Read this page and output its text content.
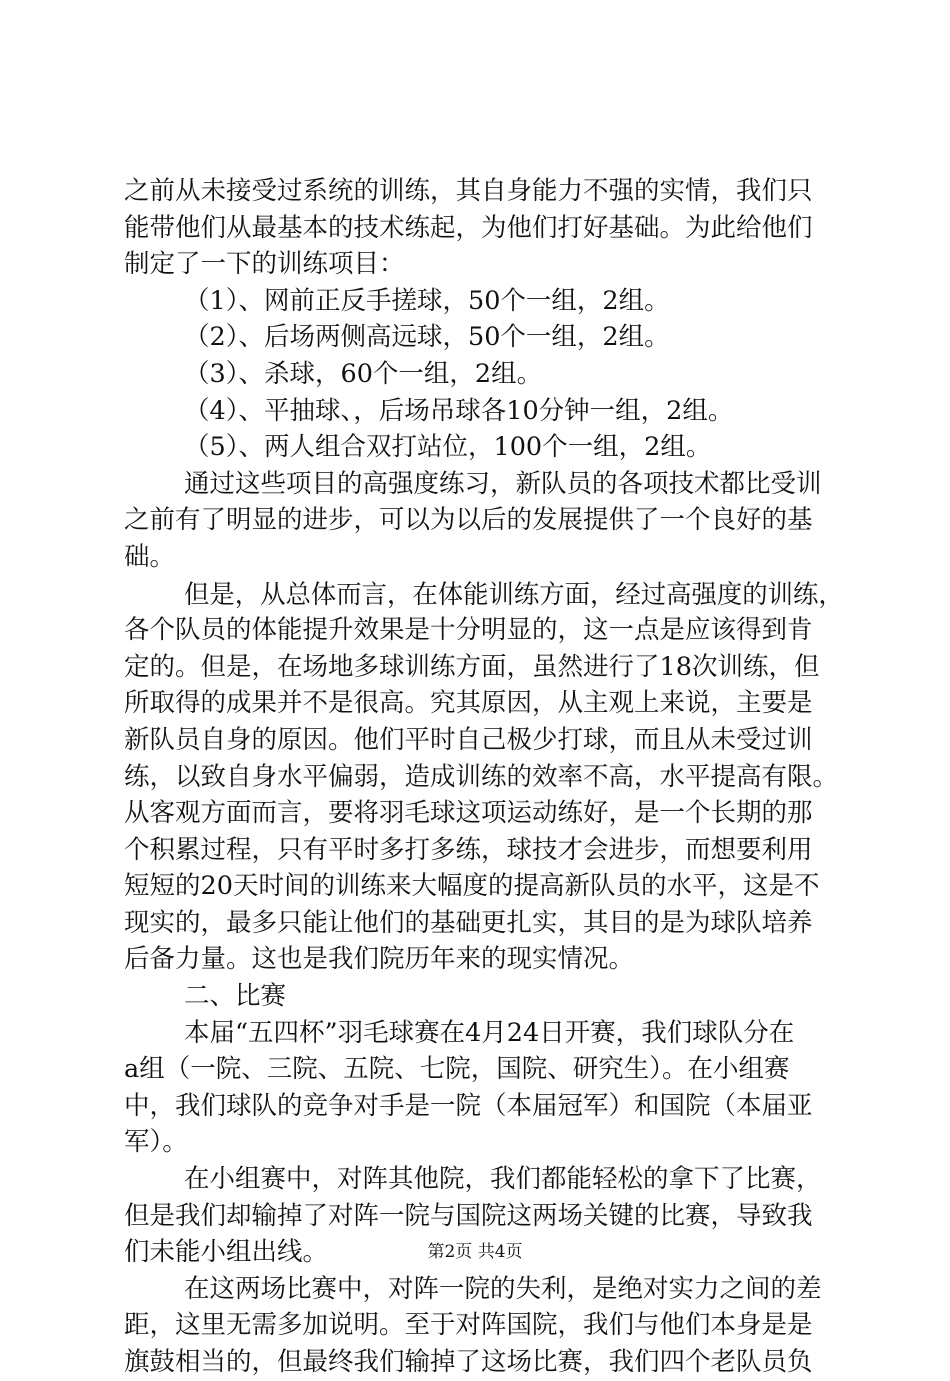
之前从未接受过系统的训练，其自身能力不强的实情，我们只
能带他们从最基本的技术练起，为他们打好基础。为此给他们
制定了一下的训练项目：
（1）、网前正反手搓球，50个一组，2组。
（2）、后场两侧高远球，50个一组，2组。
（3）、杀球，60个一组，2组。
（4）、平抽球、，后场吊球各10分钟一组，2组。
（5）、两人组合双打站位，100个一组，2组。
通过这些项目的高强度练习，新队员的各项技术都比受训
之前有了明显的进步，可以为以后的发展提供了一个良好的基
础。
但是，从总体而言，在体能训练方面，经过高强度的训练，
各个队员的体能提升效果是十分明显的，这一点是应该得到肯
定的。但是，在场地多球训练方面，虽然进行了18次训练，但
所取得的成果并不是很高。究其原因，从主观上来说，主要是
新队员自身的原因。他们平时自己极少打球，而且从未受过训
练，以致自身水平偏弱，造成训练的效率不高，水平提高有限。
从客观方面而言，要将羽毛球这项运动练好，是一个长期的那
个积累过程，只有平时多打多练，球技才会进步，而想要利用
短短的20天时间的训练来大幅度的提高新队员的水平，这是不
现实的，最多只能让他们的基础更扎实，其目的是为球队培养
后备力量。这也是我们院历年来的现实情况。
二、比赛
本届“五四杯”羽毛球赛在4月24日开赛，我们球队分在
a组（一院、三院、五院、七院，国院、研究生）。在小组赛
中，我们球队的竞争对手是一院（本届冠军）和国院（本届亚
军）。
在小组赛中，对阵其他院，我们都能轻松的拿下了比赛，
但是我们却输掉了对阵一院与国院这两场关键的比赛，导致我
们未能小组出线。
在这两场比赛中，对阵一院的失利，是绝对实力之间的差
距，这里无需多加说明。至于对阵国院，我们与他们本身是是
旗鼓相当的，但最终我们输掉了这场比赛，我们四个老队员负
第2页 共4页
